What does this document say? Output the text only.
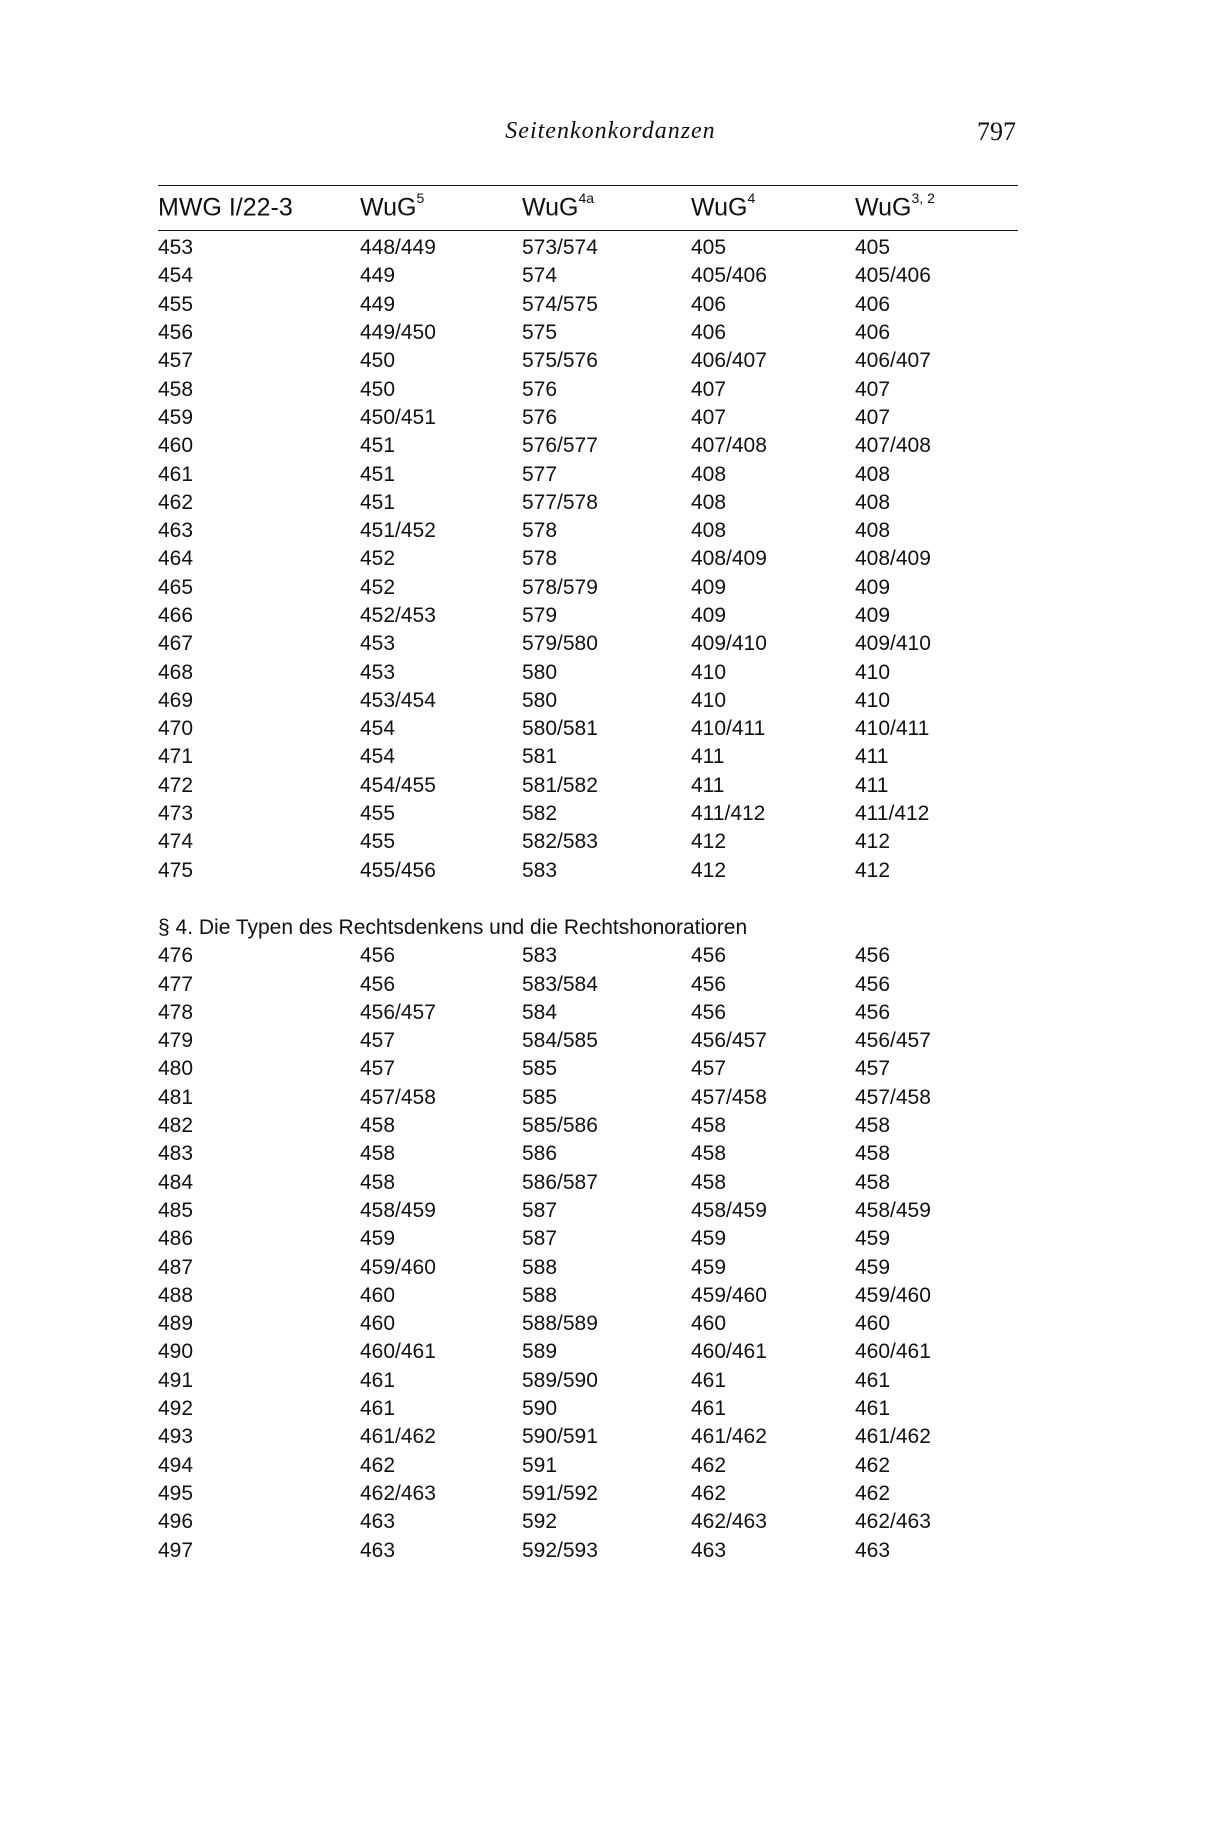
Seitenkonkordanzen	797
MWG I/22-3	WuG$^5$	WuG$^{4a}$	WuG$^4$	WuG$^{3, 2}$
453	448/449	573/574	405	405
454	449	574	405/406	405/406
455	449	574/575	406	406
456	449/450	575	406	406
457	450	575/576	406/407	406/407
458	450	576	407	407
459	450/451	576	407	407
460	451	576/577	407/408	407/408
461	451	577	408	408
462	451	577/578	408	408
463	451/452	578	408	408
464	452	578	408/409	408/409
465	452	578/579	409	409
466	452/453	579	409	409
467	453	579/580	409/410	409/410
468	453	580	410	410
469	453/454	580	410	410
470	454	580/581	410/411	410/411
471	454	581	411	411
472	454/455	581/582	411	411
473	455	582	411/412	411/412
474	455	582/583	412	412
475	455/456	583	412	412
§ 4. Die Typen des Rechtsdenkens und die Rechtshonoratioren
476	456	583	456	456
477	456	583/584	456	456
478	456/457	584	456	456
479	457	584/585	456/457	456/457
480	457	585	457	457
481	457/458	585	457/458	457/458
482	458	585/586	458	458
483	458	586	458	458
484	458	586/587	458	458
485	458/459	587	458/459	458/459
486	459	587	459	459
487	459/460	588	459	459
488	460	588	459/460	459/460
489	460	588/589	460	460
490	460/461	589	460/461	460/461
491	461	589/590	461	461
492	461	590	461	461
493	461/462	590/591	461/462	461/462
494	462	591	462	462
495	462/463	591/592	462	462
496	463	592	462/463	462/463
497	463	592/593	463	463
